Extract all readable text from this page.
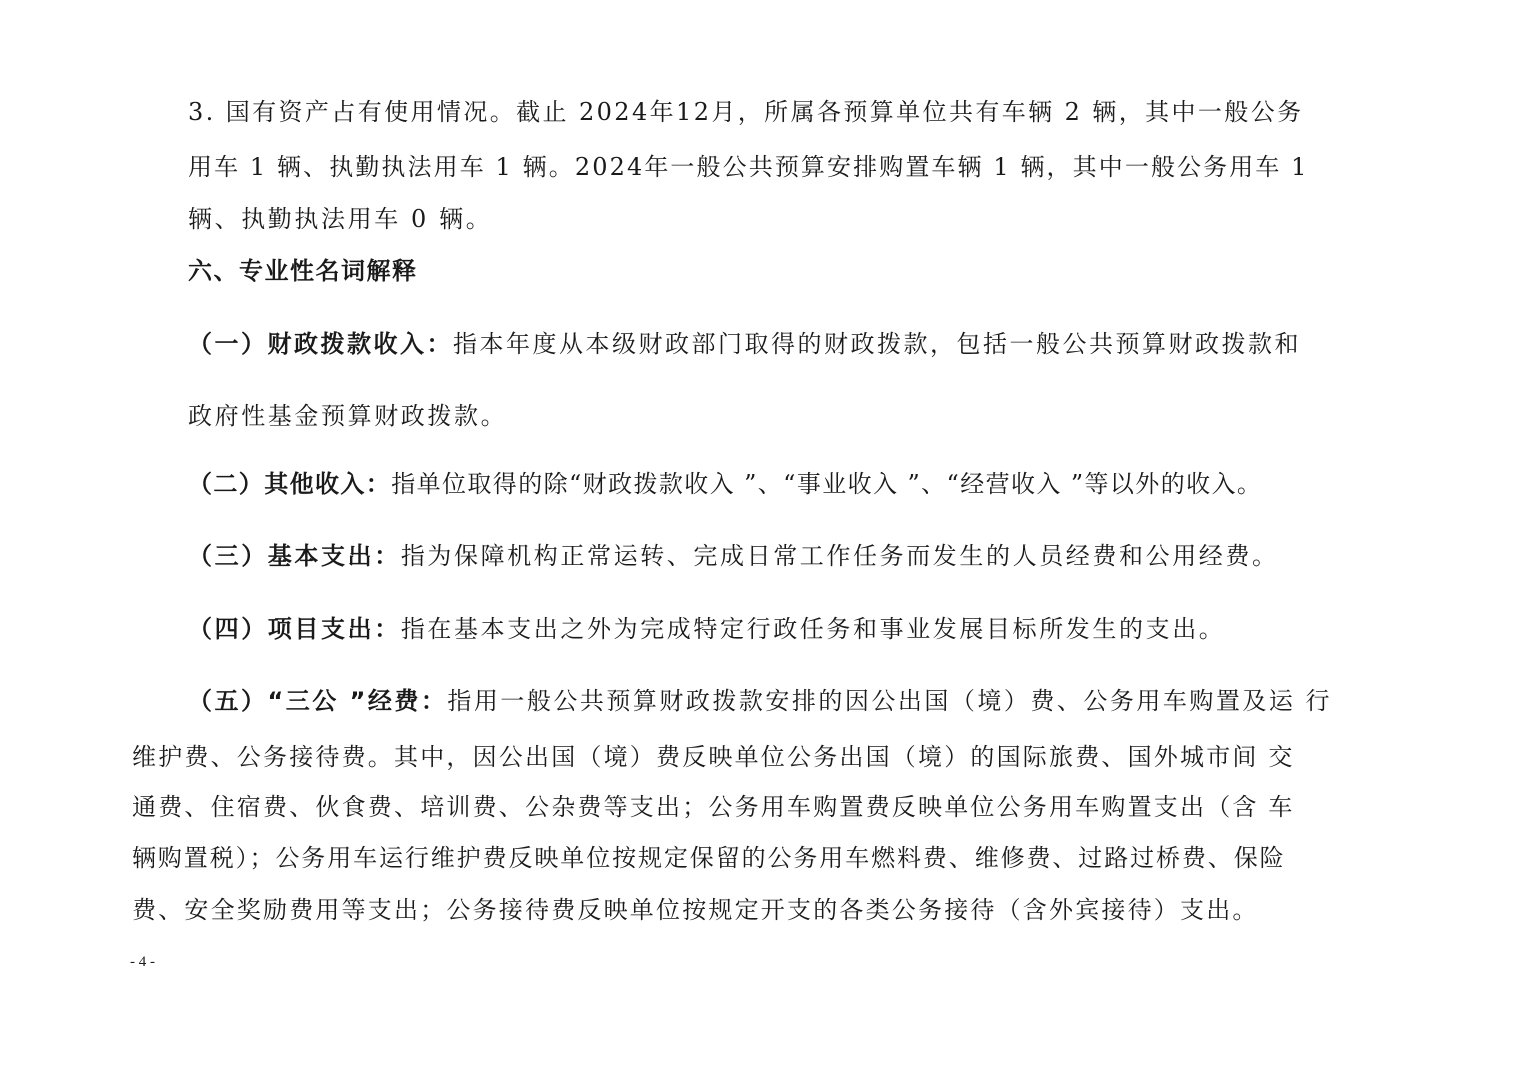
3. 国有资产占有使用情况。截止 2024年12月，所属各预算单位共有车辆 2 辆，其中一般公务
用车 1 辆、执勤执法用车 1 辆。2024年一般公共预算安排购置车辆 1 辆，其中一般公务用车 1
辆、执勤执法用车 0 辆。
六、专业性名词解释
（一）财政拨款收入：指本年度从本级财政部门取得的财政拨款，包括一般公共预算财政拨款和
政府性基金预算财政拨款。
（二）其他收入：指单位取得的除“财政拨款收入 ”、“事业收入 ”、“经营收入 ”等以外的收入。
（三）基本支出：指为保障机构正常运转、完成日常工作任务而发生的人员经费和公用经费。
（四）项目支出：指在基本支出之外为完成特定行政任务和事业发展目标所发生的支出。
（五）“三公 ”经费：指用一般公共预算财政拨款安排的因公出国（境）费、公务用车购置及运 行
维护费、公务接待费。其中，因公出国（境）费反映单位公务出国（境）的国际旅费、国外城市间 交
通费、住宿费、伙食费、培训费、公杂费等支出；公务用车购置费反映单位公务用车购置支出（含 车
辆购置税）；公务用车运行维护费反映单位按规定保留的公务用车燃料费、维修费、过路过桥费、保险
费、安全奖励费用等支出；公务接待费反映单位按规定开支的各类公务接待（含外宾接待）支出。
- 4 -
